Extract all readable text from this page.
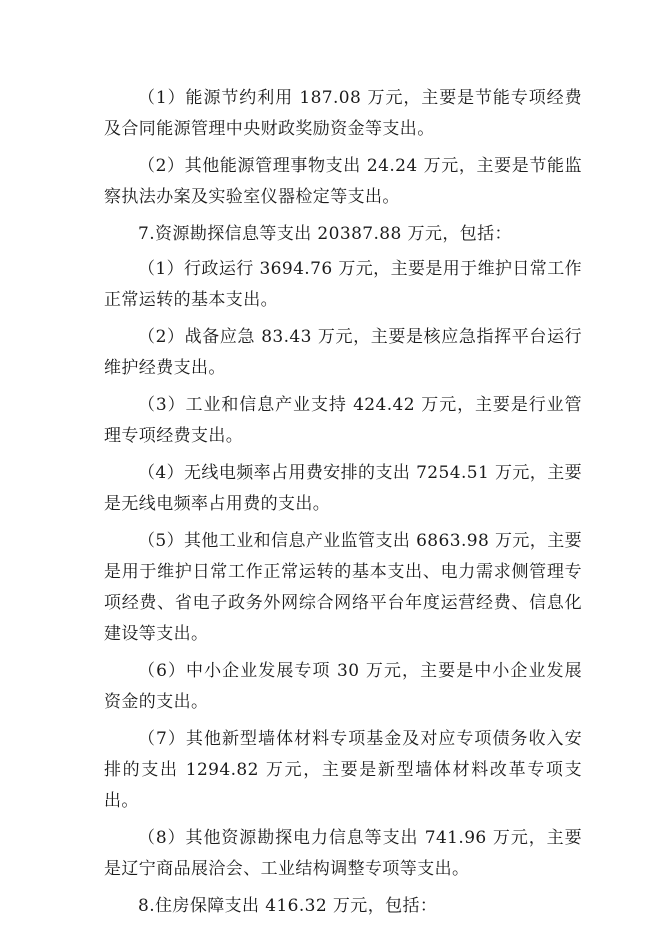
（1）能源节约利用 187.08 万元，主要是节能专项经费及合同能源管理中央财政奖励资金等支出。

（2）其他能源管理事物支出 24.24 万元，主要是节能监察执法办案及实验室仪器检定等支出。

7.资源勘探信息等支出 20387.88 万元，包括：

（1）行政运行 3694.76 万元，主要是用于维护日常工作正常运转的基本支出。

（2）战备应急 83.43 万元，主要是核应急指挥平台运行维护经费支出。

（3）工业和信息产业支持 424.42 万元，主要是行业管理专项经费支出。

（4）无线电频率占用费安排的支出 7254.51 万元，主要是无线电频率占用费的支出。

（5）其他工业和信息产业监管支出 6863.98 万元，主要是用于维护日常工作正常运转的基本支出、电力需求侧管理专项经费、省电子政务外网综合网络平台年度运营经费、信息化建设等支出。

（6）中小企业发展专项 30 万元，主要是中小企业发展资金的支出。

（7）其他新型墙体材料专项基金及对应专项债务收入安排的支出 1294.82 万元，主要是新型墙体材料改革专项支出。

（8）其他资源勘探电力信息等支出 741.96 万元，主要是辽宁商品展洽会、工业结构调整专项等支出。

8.住房保障支出 416.32 万元，包括：
